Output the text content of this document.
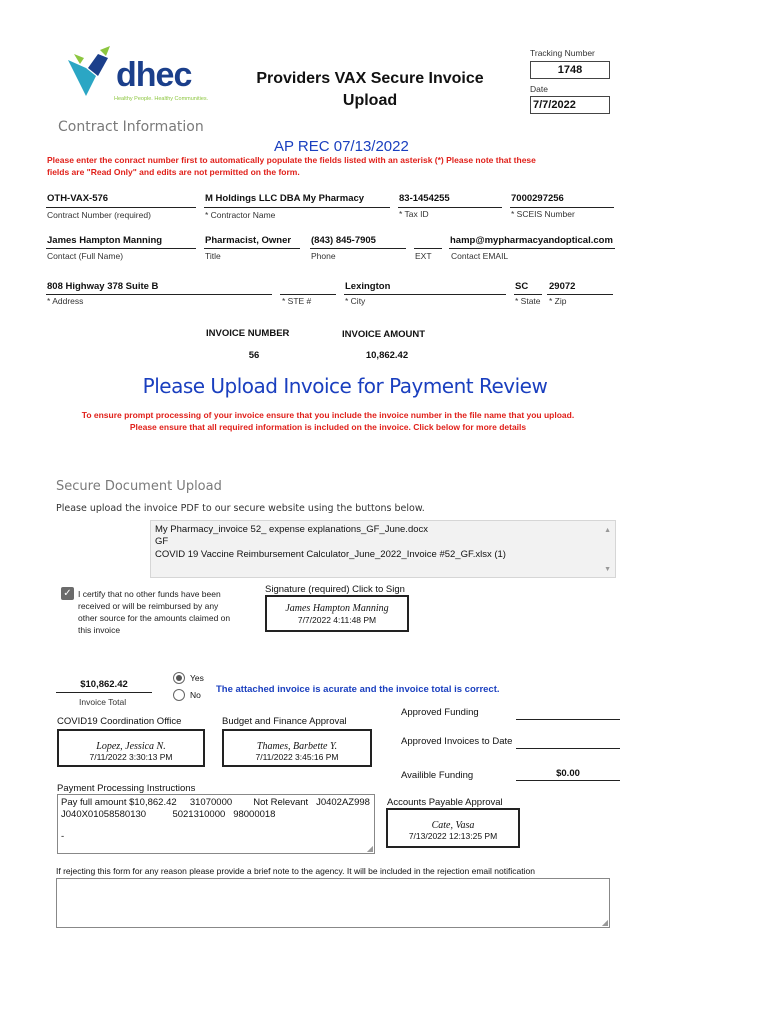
dhec
Healthy People. Healthy Communities.
Providers VAX Secure Invoice
Upload
Tracking Number
1748
Date
7/7/2022
Contract Information
AP REC 07/13/2022
Please enter the conract number first to automatically populate the fields listed with an asterisk (*) Please note that these
fields are "Read Only" and edits are not permitted on the form.
OTH-VAX-576
Contract Number (required)
M Holdings LLC DBA My Pharmacy
* Contractor Name
83-1454255
* Tax ID
7000297256
* SCEIS Number
James Hampton Manning
Contact (Full Name)
Pharmacist, Owner
Title
(843) 845-7905
Phone	EXT
hamp@mypharmacyandoptical.com
Contact EMAIL
808 Highway 378 Suite B
* Address	* STE #
Lexington
* City
SC
* State
29072
* Zip
INVOICE NUMBER
56
INVOICE AMOUNT
10,862.42
Please Upload Invoice for Payment Review
To ensure prompt processing of your invoice ensure that you include the invoice number in the file name that you upload.
Please ensure that all required information is included on the invoice. Click below for more details
Secure Document Upload
Please upload the invoice PDF to our secure website using the buttons below.
My Pharmacy_invoice 52_ expense explanations_GF_June.docx
GF
COVID 19 Vaccine Reimbursement Calculator_June_2022_Invoice #52_GF.xlsx (1)
▲
▼
✓ I certify that no other funds have been
received or will be reimbursed by any
other source for the amounts claimed on
this invoice
Signature (required) Click to Sign
James Hampton Manning
7/7/2022 4:11:48 PM
$10,862.42
Invoice Total
Yes
No The attached invoice is acurate and the invoice total is correct.
COVID19 Coordination Office
Lopez, Jessica N.
7/11/2022 3:30:13 PM
Budget and Finance Approval
Thames, Barbette Y.
7/11/2022 3:45:16 PM
Approved Funding
Approved Invoices to Date
Availible Funding	$0.00
Payment Processing Instructions
Pay full amount $10,862.42     31070000        Not Relevant   J0402AZ998
J040X01058580130          5021310000   98000018
-
◢
Accounts Payable Approval
Cate, Vasa
7/13/2022 12:13:25 PM
If rejecting this form for any reason please provide a brief note to the agency. It will be included in the rejection email notification
◢
